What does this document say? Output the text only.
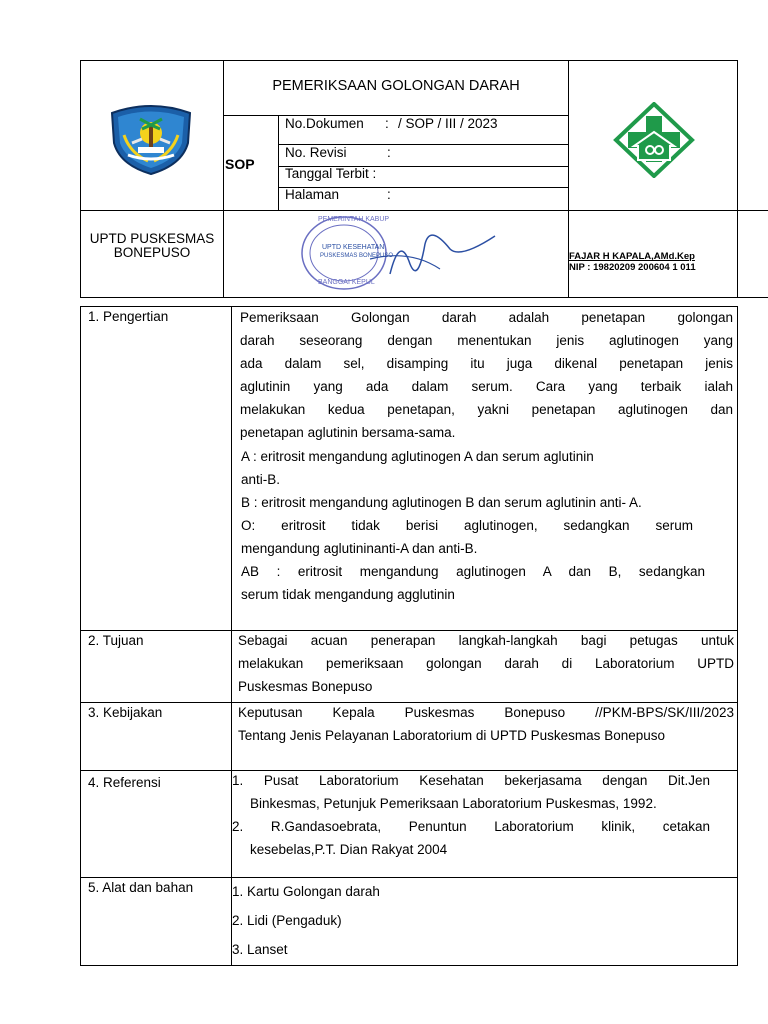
PEMERIKSAAN GOLONGAN DARAH
SOP
No.Dokumen : / SOP / III / 2023
No. Revisi	:
Tanggal Terbit :
Halaman	:
UPTD PUSKESMAS
BONEPUSO
PEMERINTAH KABUP
UPTD KESEHATAN
PUSKESMAS BONEPUSO
BANGGAI KEPUL
FAJAR H KAPALA,AMd.Kep
NIP : 19820209 200604 1 011
1. Pengertian	Pemeriksaan Golongan darah adalah penetapan golongan
darah seseorang dengan menentukan jenis aglutinogen yang
ada dalam sel, disamping itu juga dikenal penetapan jenis
aglutinin yang ada dalam serum. Cara yang terbaik ialah
melakukan kedua penetapan, yakni penetapan aglutinogen dan
penetapan aglutinin bersama-sama.
A : eritrosit mengandung aglutinogen A dan serum aglutinin
anti-B.
B : eritrosit mengandung aglutinogen B dan serum aglutinin anti- A.
O: eritrosit tidak berisi aglutinogen, sedangkan serum
mengandung aglutininanti-A dan anti-B.
AB : eritrosit mengandung aglutinogen A dan B, sedangkan
serum tidak mengandung agglutinin
2. Tujuan	Sebagai acuan penerapan langkah-langkah bagi petugas untuk
melakukan pemeriksaan golongan darah di Laboratorium UPTD
Puskesmas Bonepuso
3. Kebijakan	Keputusan Kepala Puskesmas Bonepuso //PKM-BPS/SK/III/2023
Tentang Jenis Pelayanan Laboratorium di UPTD Puskesmas Bonepuso
4. Referensi	1. Pusat Laboratorium Kesehatan bekerjasama dengan Dit.Jen
Binkesmas, Petunjuk Pemeriksaan Laboratorium Puskesmas, 1992.
2. R.Gandasoebrata, Penuntun Laboratorium klinik, cetakan
kesebelas,P.T. Dian Rakyat 2004
5. Alat dan bahan	1. Kartu Golongan darah
2. Lidi (Pengaduk)
3. Lanset
